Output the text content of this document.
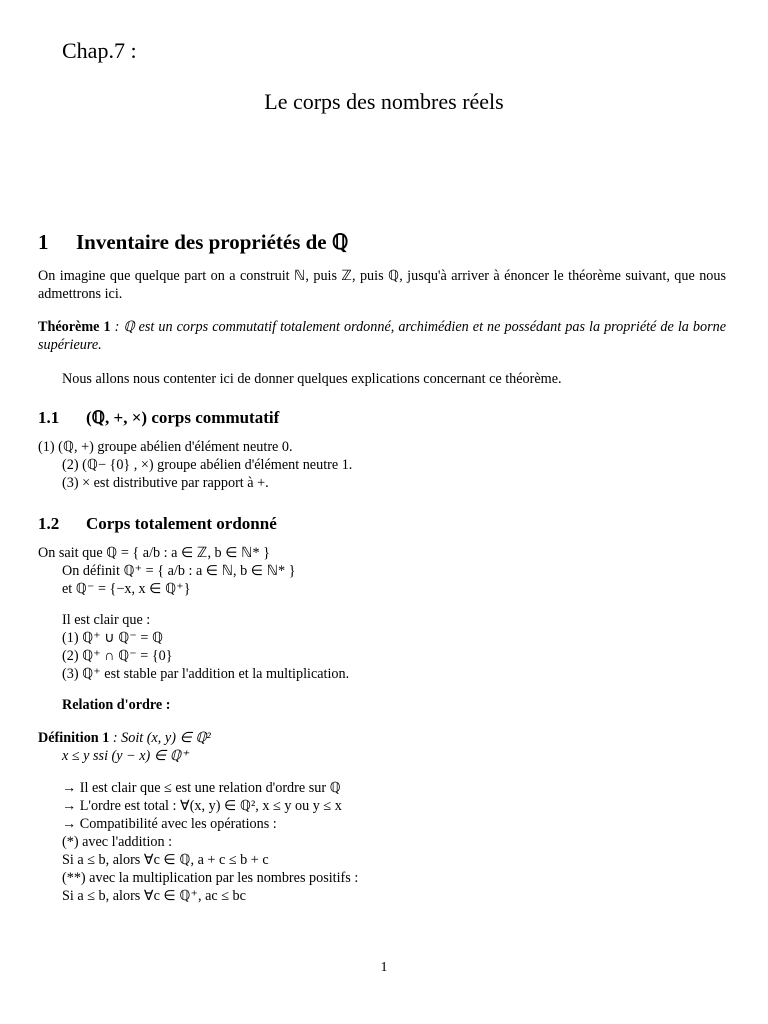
Chap.7 :
Le corps des nombres réels
1 Inventaire des propriétés de ℚ
On imagine que quelque part on a construit ℕ, puis ℤ, puis ℚ, jusqu'à arriver à énoncer le théorème suivant, que nous admettrons ici.
Théorème 1 : ℚ est un corps commutatif totalement ordonné, archimédien et ne possédant pas la propriété de la borne supérieure.
Nous allons nous contenter ici de donner quelques explications concernant ce théorème.
1.1 (ℚ, +, ×) corps commutatif
(1) (ℚ, +) groupe abélien d'élément neutre 0.
(2) (ℚ− {0} , ×) groupe abélien d'élément neutre 1.
(3) × est distributive par rapport à +.
1.2 Corps totalement ordonné
On sait que ℚ = { a/b : a ∈ ℤ, b ∈ ℕ* }
On définit ℚ⁺ = { a/b : a ∈ ℕ, b ∈ ℕ* }
et ℚ⁻ = {−x, x ∈ ℚ⁺}
Il est clair que :
(1) ℚ⁺ ∪ ℚ⁻ = ℚ
(2) ℚ⁺ ∩ ℚ⁻ = {0}
(3) ℚ⁺ est stable par l'addition et la multiplication.
Relation d'ordre :
Définition 1 : Soit (x, y) ∈ ℚ²
x ≤ y ssi (y − x) ∈ ℚ⁺
→ Il est clair que ≤ est une relation d'ordre sur ℚ
→ L'ordre est total : ∀(x, y) ∈ ℚ², x ≤ y ou y ≤ x
→ Compatibilité avec les opérations :
(*) avec l'addition :
Si a ≤ b, alors ∀c ∈ ℚ, a + c ≤ b + c
(**) avec la multiplication par les nombres positifs :
Si a ≤ b, alors ∀c ∈ ℚ⁺, ac ≤ bc
1
